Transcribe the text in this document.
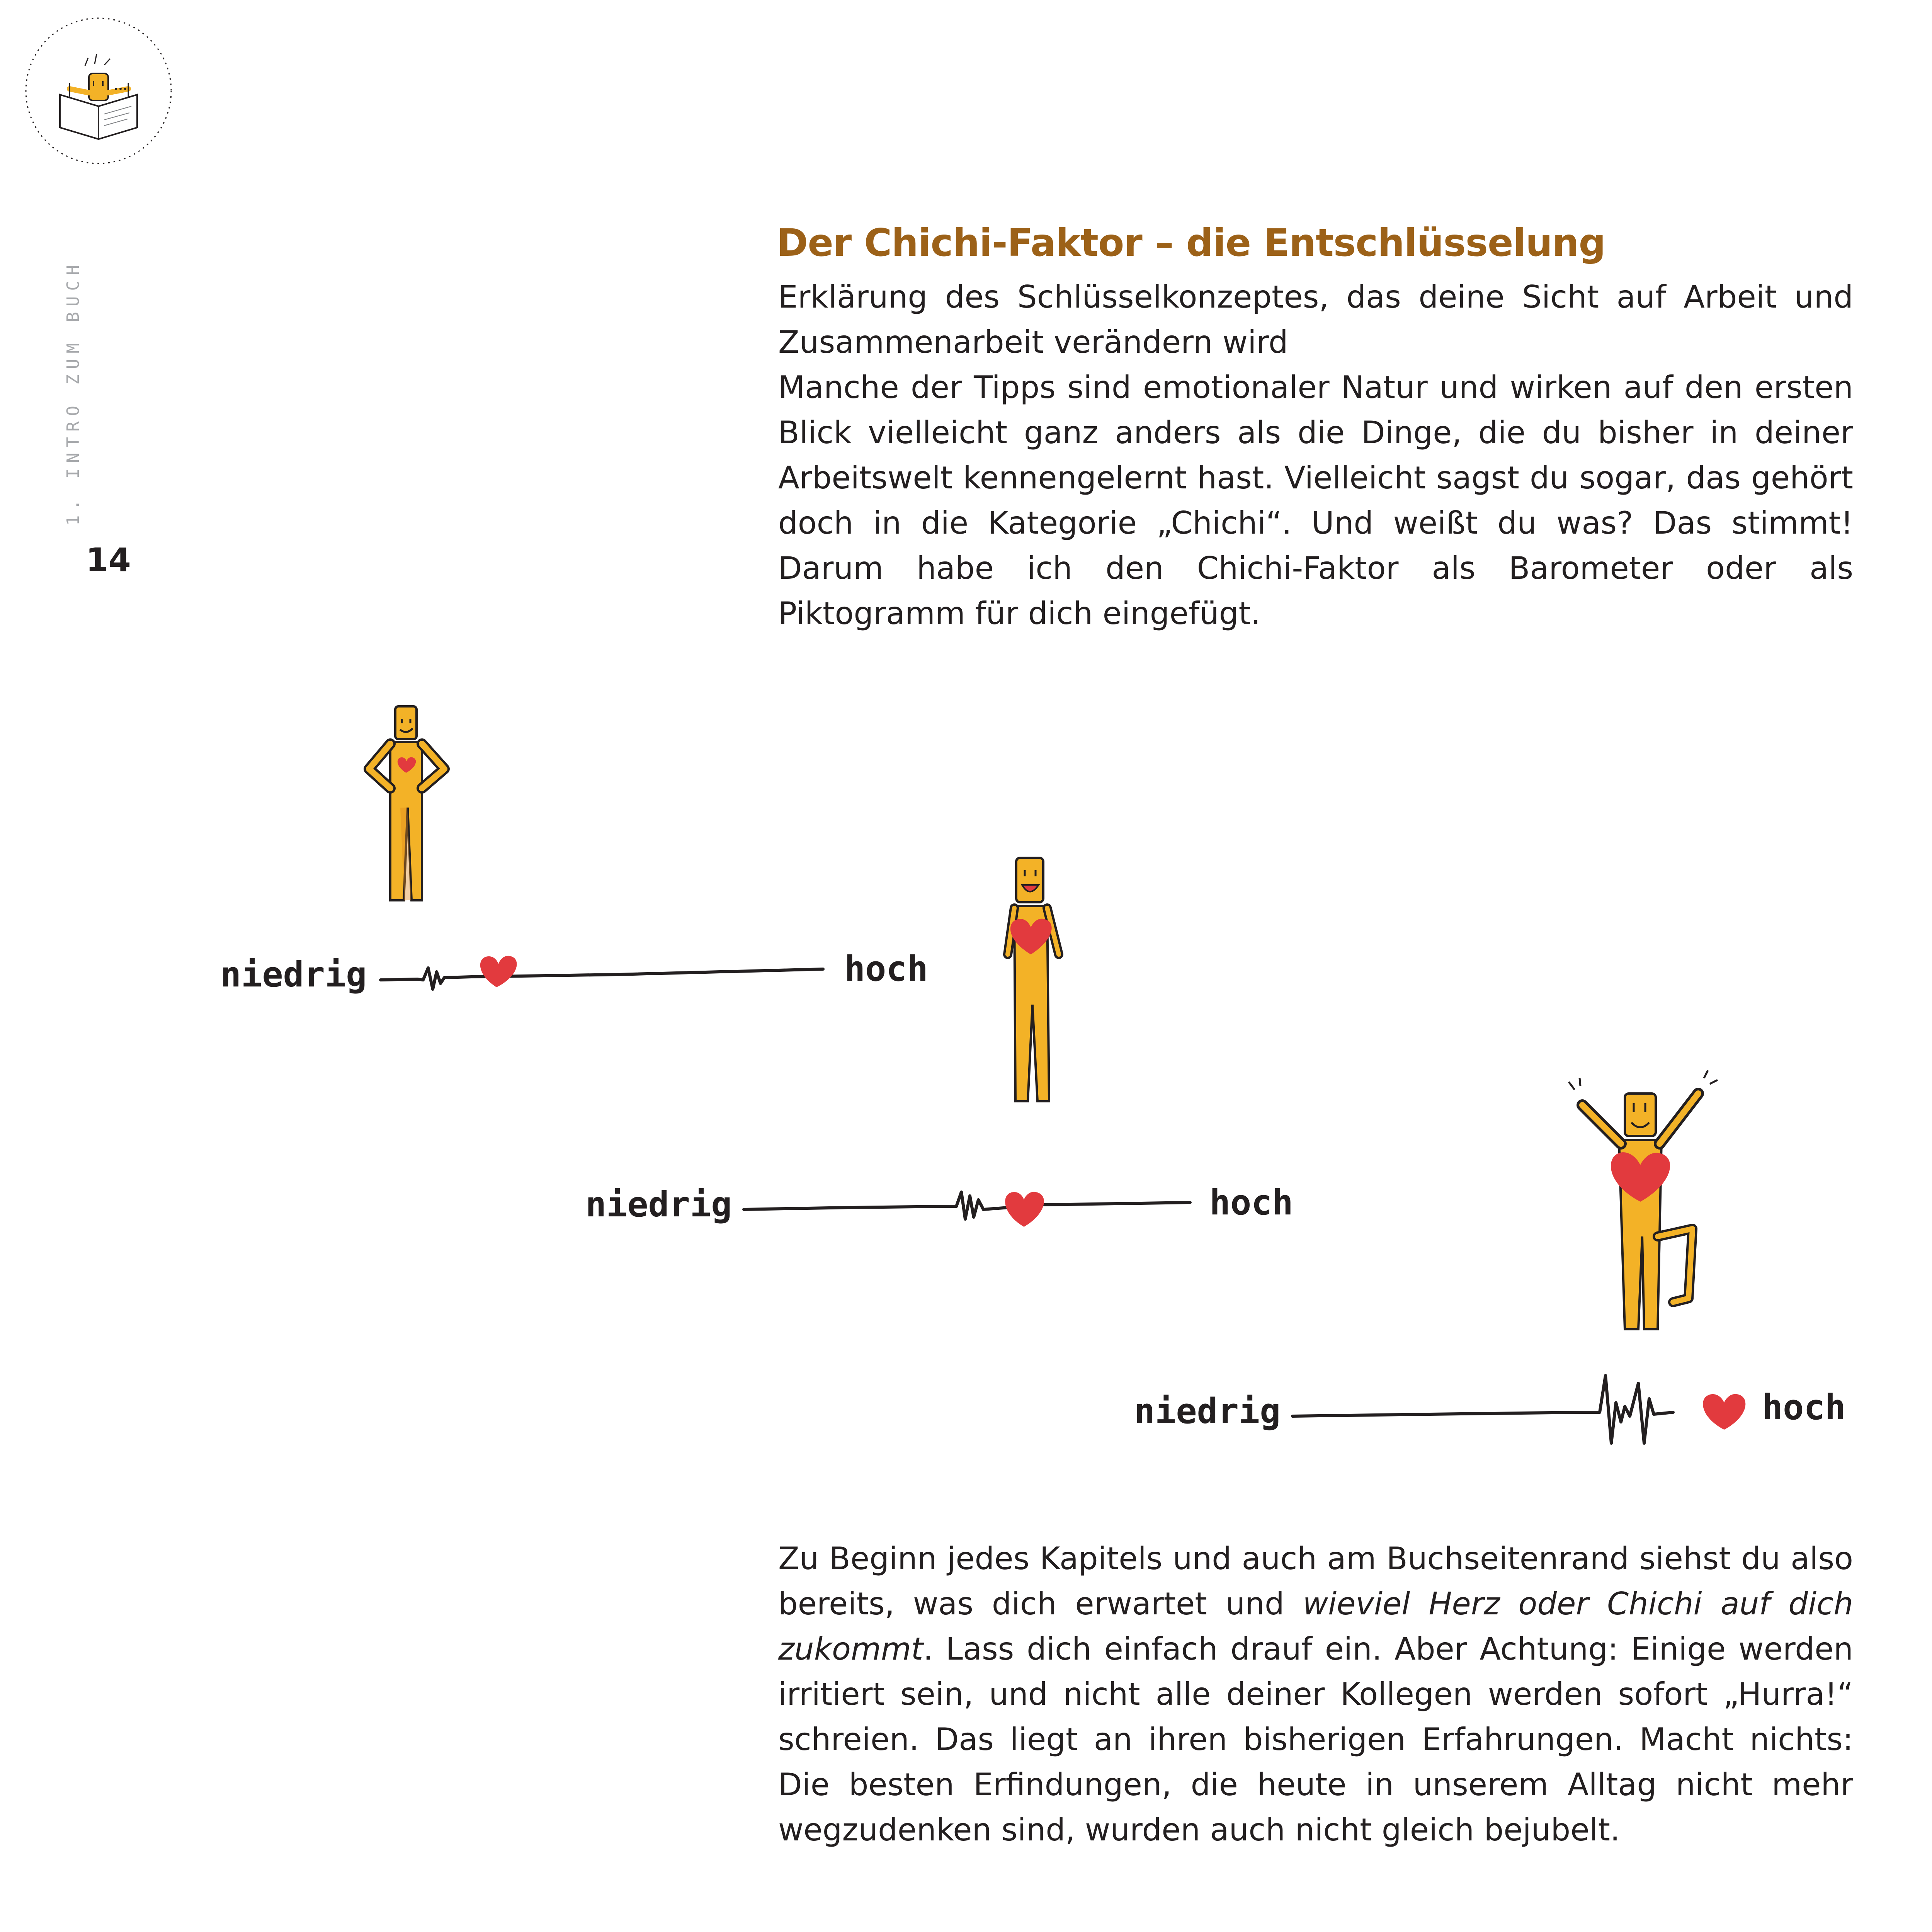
1. INTRO ZUM BUCH
14
Der Chichi-Faktor – die Entschlüsselung

Erklärung des Schlüsselkonzeptes, das deine Sicht auf Arbeit und Zusammenarbeit verändern wird

Manche der Tipps sind emotionaler Natur und wirken auf den ersten Blick vielleicht ganz anders als die Dinge, die du bisher in deiner Arbeitswelt kennengelernt hast. Vielleicht sagst du sogar, das gehört doch in die Kategorie „Chichi“. Und weißt du was? Das stimmt! Darum habe ich den Chichi-Faktor als Barometer oder als Piktogramm für dich eingefügt.

niedrig	hoch
niedrig	hoch
niedrig	hoch

Zu Beginn jedes Kapitels und auch am Buchseitenrand siehst du also bereits, was dich erwartet und wieviel Herz oder Chichi auf dich zukommt. Lass dich einfach drauf ein. Aber Achtung: Einige werden irritiert sein, und nicht alle deiner Kollegen werden sofort „Hurra!“ schreien. Das liegt an ihren bisherigen Erfahrungen. Macht nichts: Die besten Erfindungen, die heute in unserem Alltag nicht mehr wegzudenken sind, wurden auch nicht gleich bejubelt.
